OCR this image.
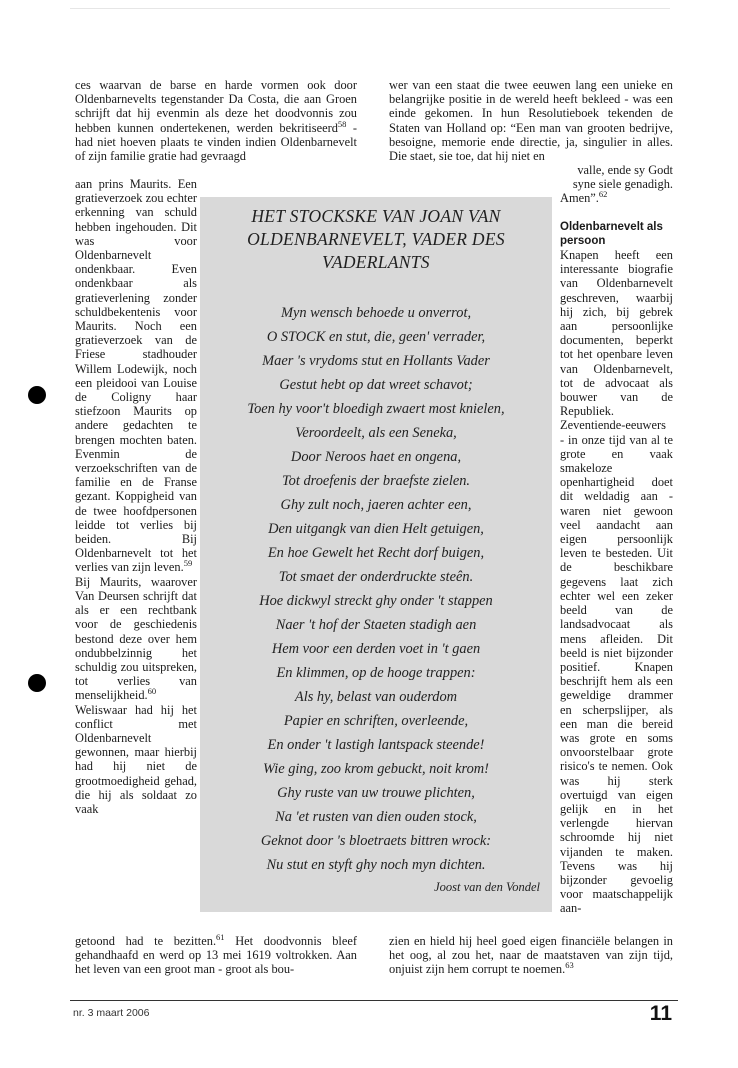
ces waarvan de barse en harde vormen ook door Oldenbarnevelts tegenstander Da Costa, die aan Groen schrijft dat hij evenmin als deze het doodvonnis zou hebben kunnen ondertekenen, werden bekritiseerd$^{58}$ - had niet hoeven plaats te vinden indien Oldenbarnevelt of zijn familie gratie had gevraagd

aan prins Maurits. Een gratieverzoek zou echter erkenning van schuld hebben ingehouden. Dit was voor Oldenbarnevelt ondenkbaar. Even ondenkbaar als gratieverlening zonder schuldbekentenis voor Maurits. Noch een gratieverzoek van de Friese stadhouder Willem Lodewijk, noch een pleidooi van Louise de Coligny haar stiefzoon Maurits op andere gedachten te brengen mochten baten. Evenmin de verzoekschriften van de familie en de Franse gezant. Koppigheid van de twee hoofdpersonen leidde tot verlies bij beiden. Bij Oldenbarnevelt tot het verlies van zijn leven.$^{59}$

Bij Maurits, waarover Van Deursen schrijft dat als er een rechtbank voor de geschiedenis bestond deze over hem ondubbelzinnig het schuldig zou uitspreken, tot verlies van menselijkheid.$^{60}$ Weliswaar had hij het conflict met Oldenbarnevelt gewonnen, maar hierbij had hij niet de grootmoedigheid gehad, die hij als soldaat zo vaak

getoond had te bezitten.$^{61}$ Het doodvonnis bleef gehandhaafd en werd op 13 mei 1619 voltrokken. Aan het leven van een groot man - groot als bou-

wer van een staat die twee eeuwen lang een unieke en belangrijke positie in de wereld heeft bekleed - was een einde gekomen. In hun Resolutieboek tekenden de Staten van Holland op: “Een man van grooten bedrijve, besoigne, memorie ende directie, ja, singulier in alles. Die staet, sie toe, dat hij niet en

valle, ende sy Godt

syne siele genadigh.

Amen”.$^{62}$

Oldenbarnevelt als persoon

Knapen heeft een interessante biografie van Oldenbarnevelt geschreven, waarbij hij zich, bij gebrek aan persoonlijke documenten, beperkt tot het openbare leven van Oldenbarnevelt, tot de advocaat als bouwer van de Republiek. Zeventiende-eeuwers - in onze tijd van al te grote en vaak smakeloze openhartigheid doet dit weldadig aan - waren niet gewoon veel aandacht aan eigen persoonlijk leven te besteden. Uit de beschikbare gegevens laat zich echter wel een zeker beeld van de landsadvocaat als mens afleiden. Dit beeld is niet bijzonder positief. Knapen beschrijft hem als een geweldige drammer en scherpslijper, als een man die bereid was grote en soms onvoorstelbaar grote risico's te nemen. Ook was hij sterk overtuigd van eigen gelijk en in het verlengde hiervan schroomde hij niet vijanden te maken. Tevens was hij bijzonder gevoelig voor maatschappelijk aan-

zien en hield hij heel goed eigen financiële belangen in het oog, al zou het, naar de maatstaven van zijn tijd, onjuist zijn hem corrupt te noemen.$^{63}$

HET STOCKSKE VAN JOAN VAN
OLDENBARNEVELT, VADER DES
VADERLANTS
Myn wensch behoede u onverrot,
O STOCK en stut, die, geen' verrader,
Maer 's vrydoms stut en Hollants Vader
Gestut hebt op dat wreet schavot;
Toen hy voor't bloedigh zwaert most knielen,
Veroordeelt, als een Seneka,
Door Neroos haet en ongena,
Tot droefenis der braefste zielen.
Ghy zult noch, jaeren achter een,
Den uitgangk van dien Helt getuigen,
En hoe Gewelt het Recht dorf buigen,
Tot smaet der onderdruckte steên.
Hoe dickwyl streckt ghy onder 't stappen
Naer 't hof der Staeten stadigh aen
Hem voor een derden voet in 't gaen
En klimmen, op de hooge trappen:
Als hy, belast van ouderdom
Papier en schriften, overleende,
En onder 't lastigh lantspack steende!
Wie ging, zoo krom gebuckt, noit krom!
Ghy ruste van uw trouwe plichten,
Na 'et rusten van dien ouden stock,
Geknot door 's bloetraets bittren wrock:
Nu stut en styft ghy noch myn dichten.
Joost van den Vondel
nr. 3 maart 2006	11
